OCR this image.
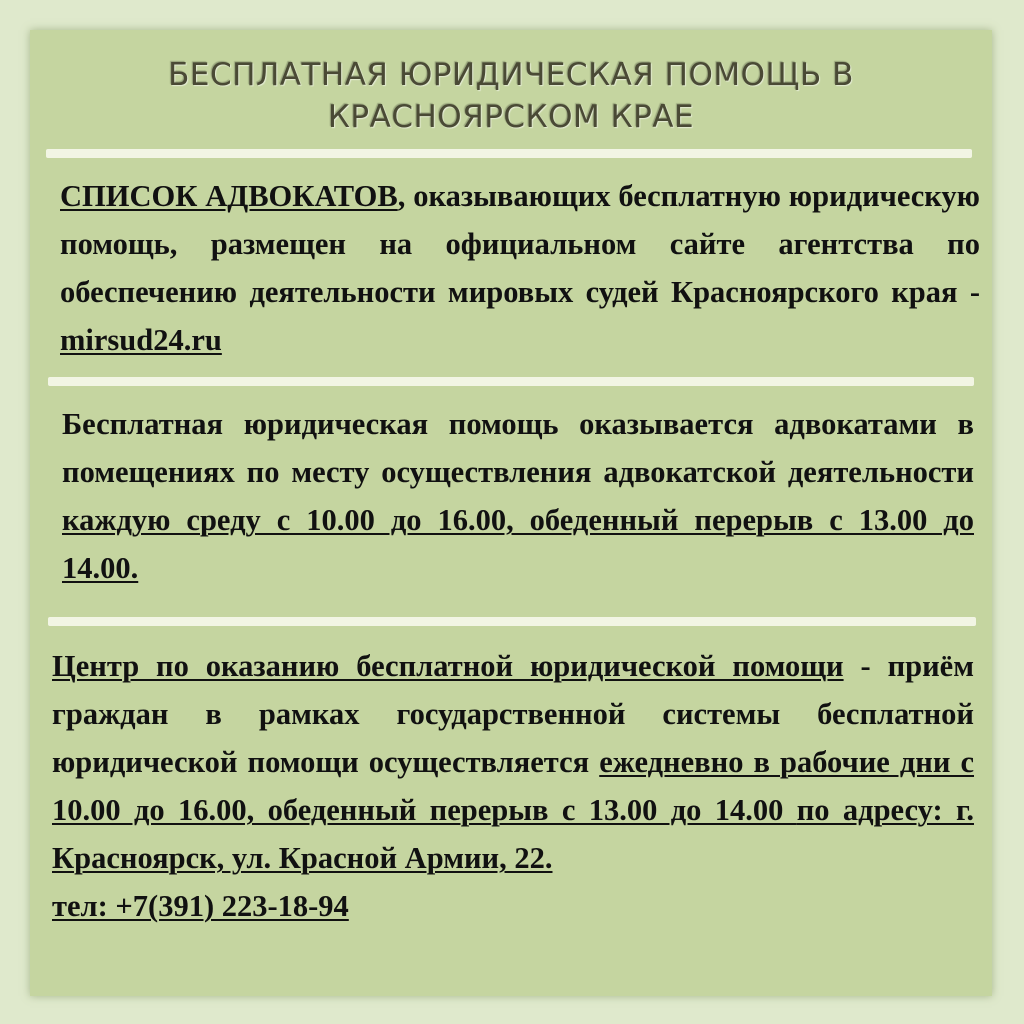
БЕСПЛАТНАЯ ЮРИДИЧЕСКАЯ ПОМОЩЬ В
КРАСНОЯРСКОМ КРАЕ

СПИСОК АДВОКАТОВ, оказывающих бесплатную юридическую помощь, размещен на официальном сайте агентства по обеспечению деятельности мировых судей Красноярского края - mirsud24.ru

Бесплатная юридическая помощь оказывается адвокатами в помещениях по месту осуществления адвокатской деятельности каждую среду с 10.00 до 16.00, обеденный перерыв с 13.00 до 14.00.

Центр по оказанию бесплатной юридической помощи - приём граждан в рамках государственной системы бесплатной юридической помощи осуществляется ежедневно в рабочие дни с 10.00 до 16.00, обеденный перерыв с 13.00 до 14.00 по адресу: г. Красноярск, ул. Красной Армии, 22.
тел: +7(391) 223-18-94
